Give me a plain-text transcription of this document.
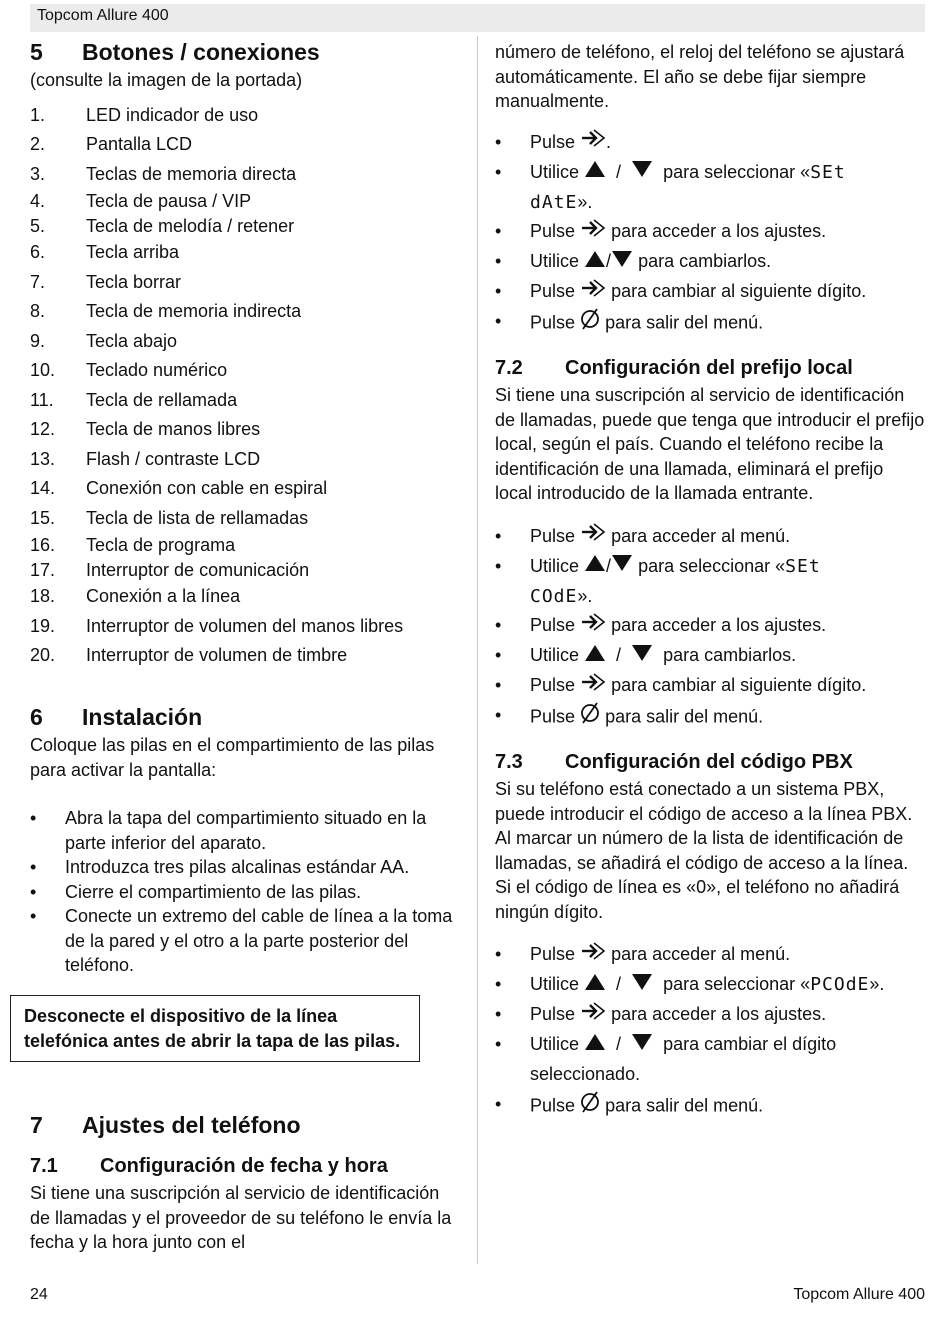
Topcom Allure 400
5 Botones / conexiones

(consulte la imagen de la portada)

1.	LED indicador de uso
2.	Pantalla LCD
3.	Teclas de memoria directa
4.	Tecla de pausa / VIP
5.	Tecla de melodía / retener
6.	Tecla arriba
7.	Tecla borrar
8.	Tecla de memoria indirecta
9.	Tecla abajo
10.	Teclado numérico
11.	Tecla de rellamada
12.	Tecla de manos libres
13.	Flash / contraste LCD
14.	Conexión con cable en espiral
15.	Tecla de lista de rellamadas
16.	Tecla de programa
17.	Interruptor de comunicación
18.	Conexión a la línea
19.	Interruptor de volumen del manos libres
20.	Interruptor de volumen de timbre
6 Instalación

Coloque las pilas en el compartimiento de las pilas para activar la pantalla:

•	Abra la tapa del compartimiento situado en la parte inferior del aparato.
•	Introduzca tres pilas alcalinas estándar AA.
•	Cierre el compartimiento de las pilas.
•	Conecte un extremo del cable de línea a la toma de la pared y el otro a la parte posterior del teléfono.

Desconecte el dispositivo de la línea telefónica antes de abrir la tapa de las pilas.

7 Ajustes del teléfono
7.1 Configuración de fecha y hora

Si tiene una suscripción al servicio de identificación de llamadas y el proveedor de su teléfono le envía la fecha y la hora junto con el

número de teléfono, el reloj del teléfono se ajustará automáticamente. El año se debe fijar siempre manualmente.

•	Pulse .
•	Utilice / para seleccionar «SEt
dAtE».
•	Pulse para acceder a los ajustes.
•	Utilice / para cambiarlos.
•	Pulse para cambiar al siguiente dígito.
•	Pulse para salir del menú.
7.2 Configuración del prefijo local

Si tiene una suscripción al servicio de identificación de llamadas, puede que tenga que introducir el prefijo local, según el país. Cuando el teléfono recibe la identificación de una llamada, eliminará el prefijo local introducido de la llamada entrante.

•	Pulse para acceder al menú.
•	Utilice / para seleccionar «SEt
COdE».
•	Pulse para acceder a los ajustes.
•	Utilice / para cambiarlos.
•	Pulse para cambiar al siguiente dígito.
•	Pulse para salir del menú.
7.3 Configuración del código PBX

Si su teléfono está conectado a un sistema PBX, puede introducir el código de acceso a la línea PBX.

Al marcar un número de la lista de identificación de llamadas, se añadirá el código de acceso a la línea.

Si el código de línea es «0», el teléfono no añadirá ningún dígito.

•	Pulse para acceder al menú.
•	Utilice / para seleccionar «PCOdE».
•	Pulse para acceder a los ajustes.
•	Utilice / para cambiar el dígito
seleccionado.
•	Pulse para salir del menú.
24	Topcom Allure 400
